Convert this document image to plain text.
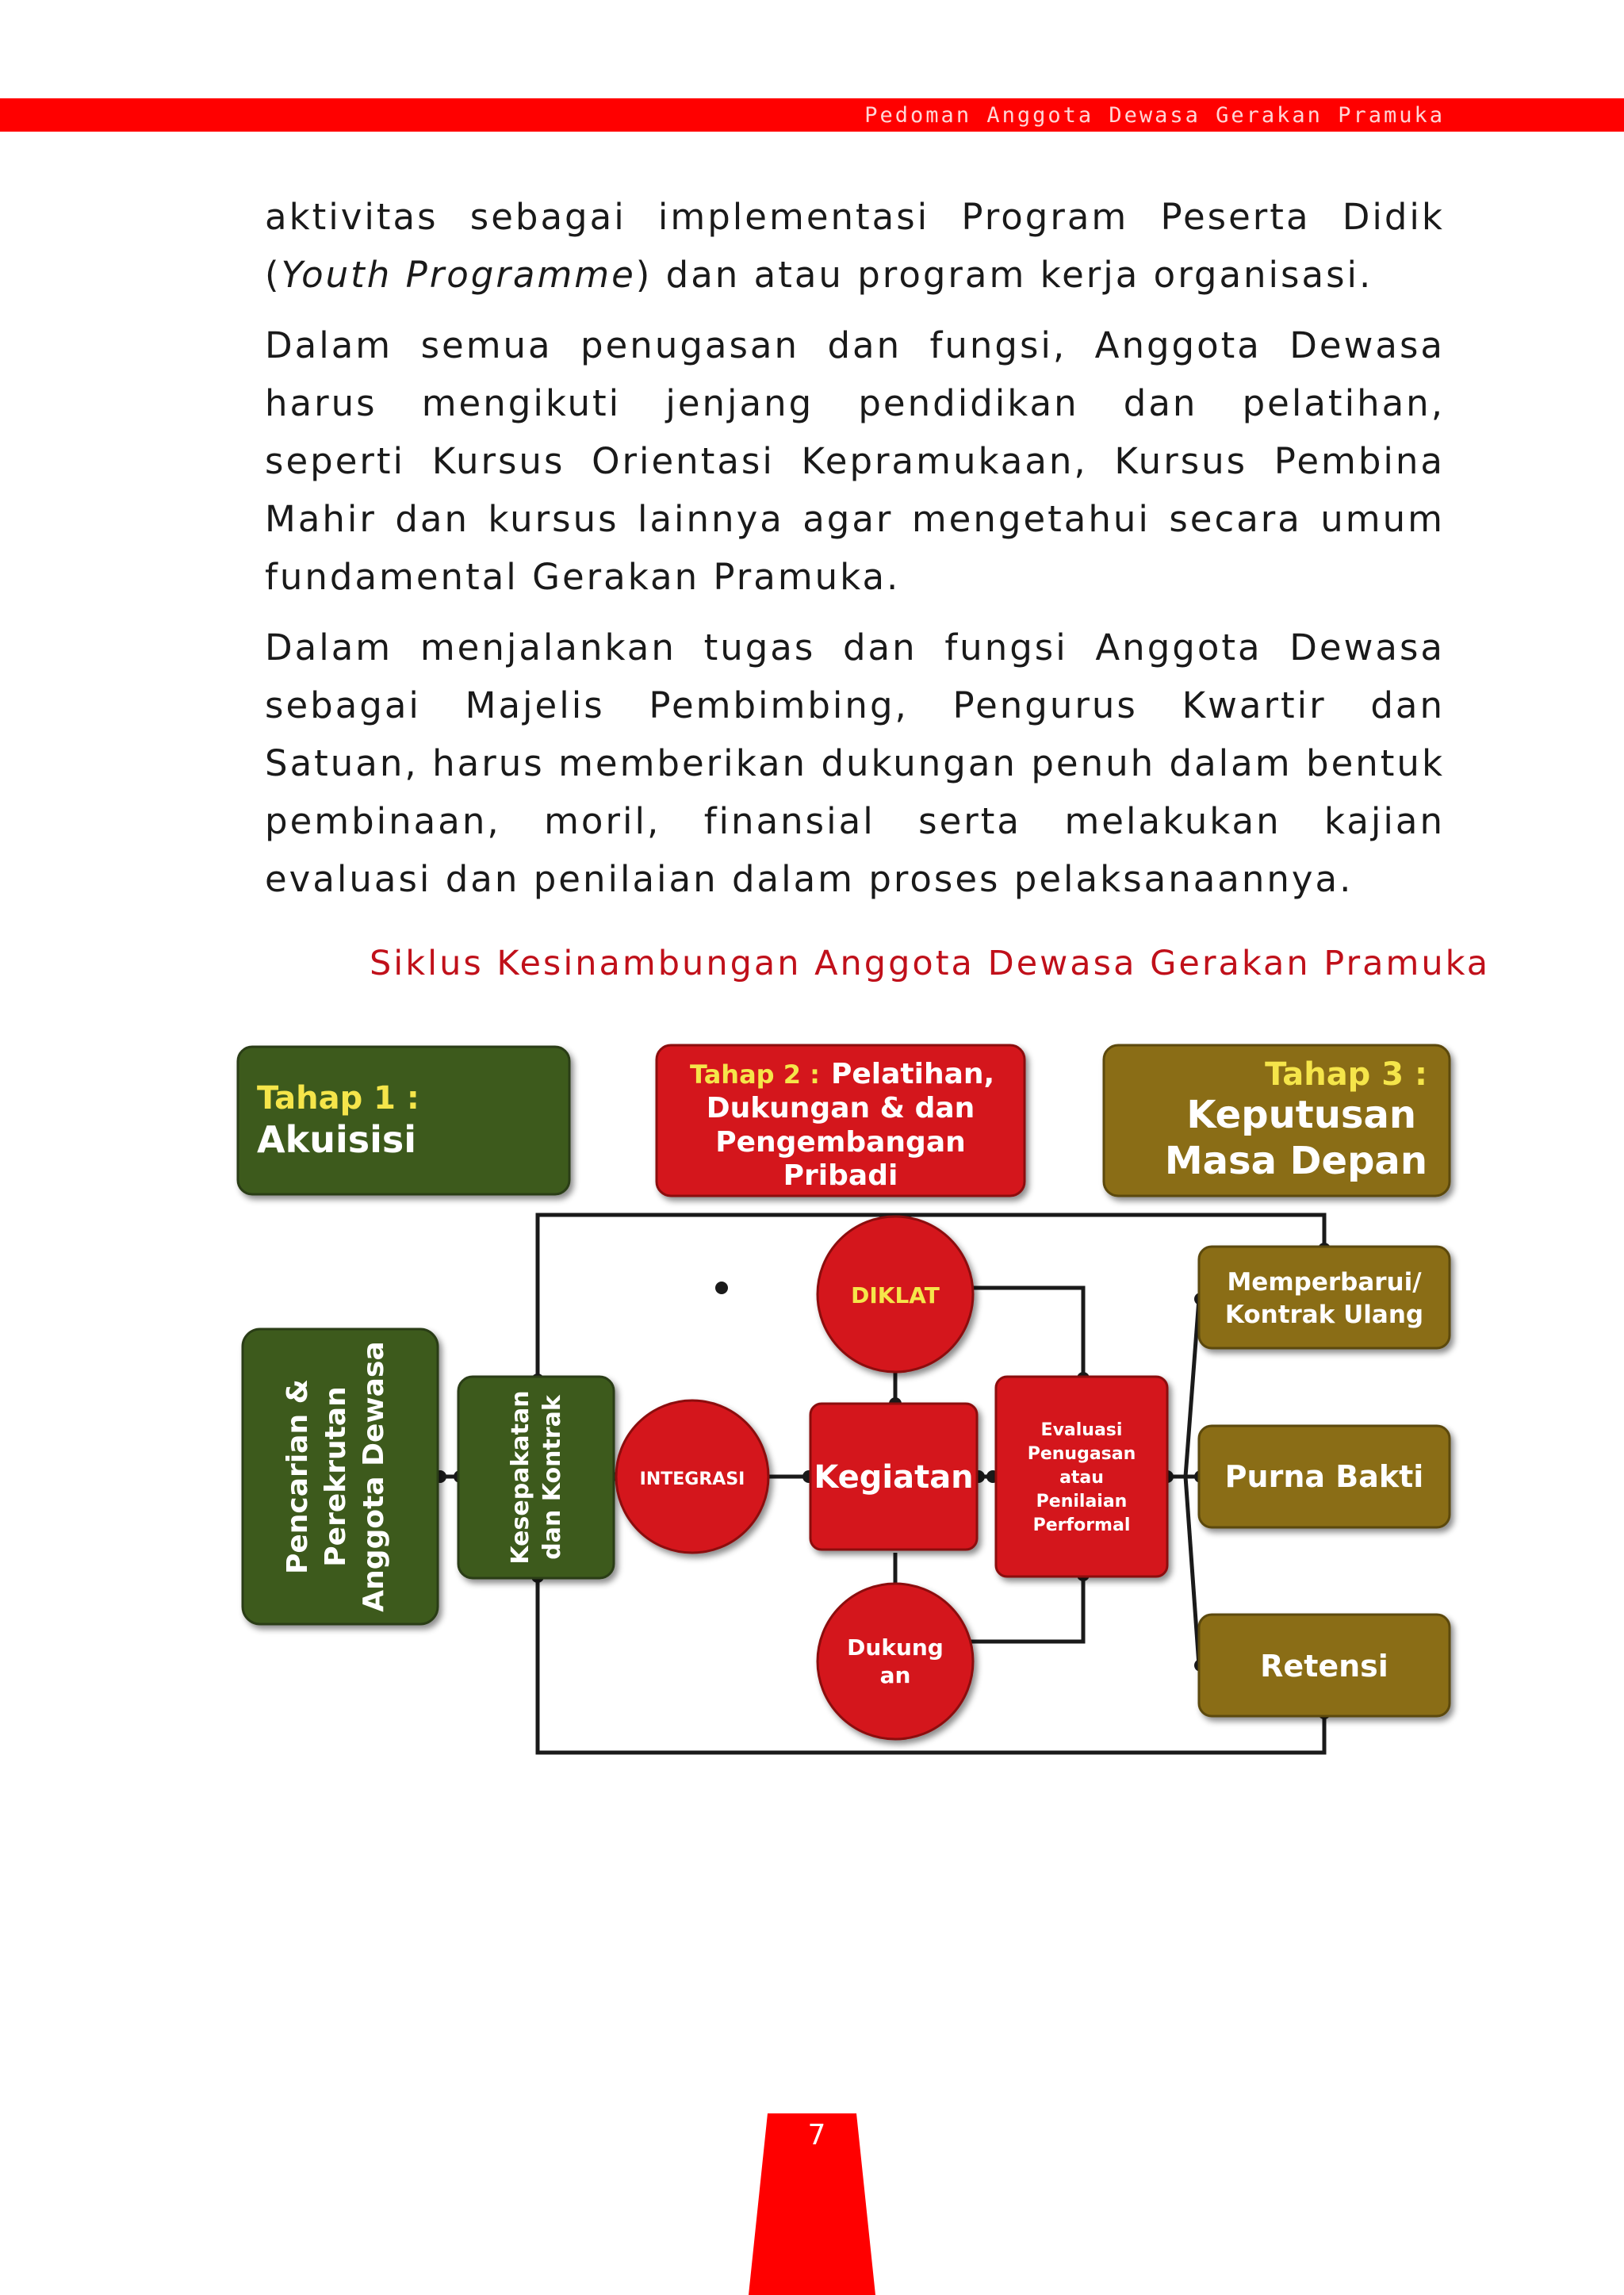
Pedoman Anggota Dewasa Gerakan Pramuka

aktivitas sebagai implementasi Program Peserta Didik (Youth Programme) dan atau program kerja organisasi.

Dalam semua penugasan dan fungsi, Anggota Dewasa harus mengikuti jenjang pendidikan dan pelatihan, seperti Kursus Orientasi Kepramukaan, Kursus Pembina Mahir dan kursus lainnya agar mengetahui secara umum fundamental Gerakan Pramuka.

Dalam menjalankan tugas dan fungsi Anggota Dewasa sebagai Majelis Pembimbing, Pengurus Kwartir dan Satuan, harus memberikan dukungan penuh dalam bentuk pembinaan, moril, finansial serta melakukan kajian evaluasi dan penilaian dalam proses pelaksanaannya.

Siklus Kesinambungan Anggota Dewasa Gerakan Pramuka
Tahap 1 :
Akuisisi
Tahap 2 : Pelatihan,
Dukungan & dan
Pengembangan
Pribadi
Tahap 3 :
Keputusan
Masa Depan
Pencarian & Perekrutan Anggota Dewasa	Kesepakatan dan Kontrak	INTEGRASI
DIKLAT
Kegiatan
Dukung
an
Evaluasi
Penugasan
atau
Penilaian
Performal
Memperbarui/
Kontrak Ulang
Purna Bakti
Retensi
7
